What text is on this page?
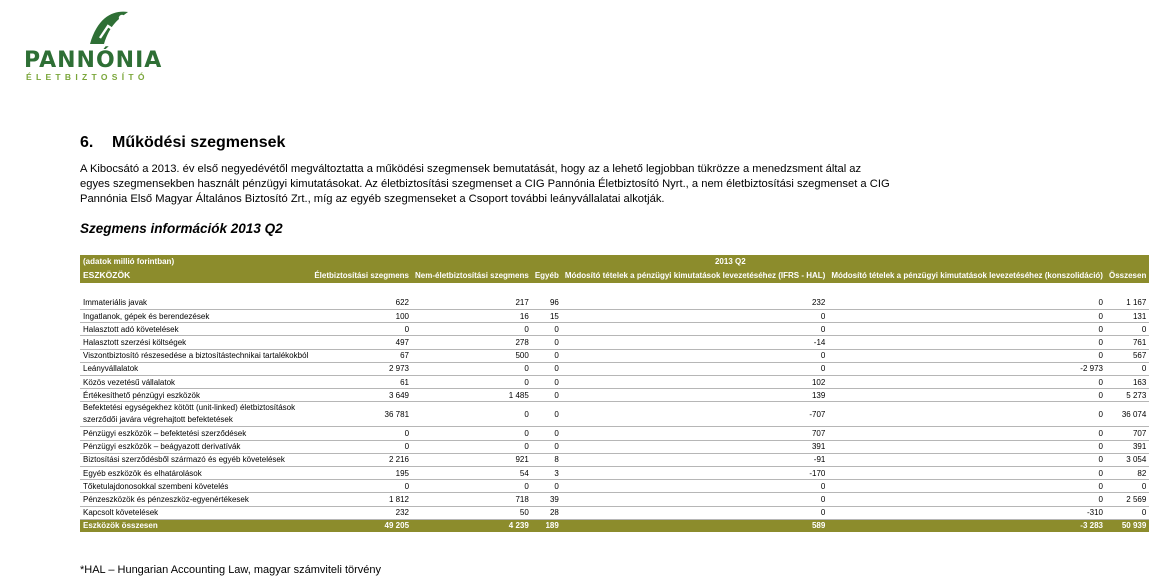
PANNÓNIA
ÉLETBIZTOSÍTÓ
6. Működési szegmensek
A Kibocsátó a 2013. év első negyedévétől megváltoztatta a működési szegmensek bemutatását, hogy az a lehető legjobban tükrözze a menedzsment által az egyes szegmensekben használt pénzügyi kimutatásokat. Az életbiztosítási szegmenset a CIG Pannónia Életbiztosító Nyrt., a nem életbiztosítási szegmenset a CIG Pannónia Első Magyar Általános Biztosító Zrt., míg az egyéb szegmenseket a Csoport további leányvállalatai alkotják.
Szegmens információk 2013 Q2
(adatok millió forintban)	2013 Q2					
ESZKÖZÖK	Életbiztosítási szegmens	Nem-életbiztosítási szegmens	Egyéb	Módosító tételek a pénzügyi kimutatások levezetéséhez (IFRS - HAL)	Módosító tételek a pénzügyi kimutatások levezetéséhez (konszolidáció)	Összesen

Immateriális javak	622	217	96	232	0	1 167
Ingatlanok, gépek és berendezések	100	16	15	0	0	131
Halasztott adó követelések	0	0	0	0	0	0
Halasztott szerzési költségek	497	278	0	-14	0	761
Viszontbiztosító részesedése a biztosítástechnikai tartalékokból	67	500	0	0	0	567
Leányvállalatok	2 973	0	0	0	-2 973	0
Közös vezetésű vállalatok	61	0	0	102	0	163
Értékesíthető pénzügyi eszközök	3 649	1 485	0	139	0	5 273
Befektetési egységekhez kötött (unit-linked) életbiztosítások szerződői javára végrehajtott befektetések	36 781	0	0	-707	0	36 074
Pénzügyi eszközök – befektetési szerződések	0	0	0	707	0	707
Pénzügyi eszközök – beágyazott derivatívák	0	0	0	391	0	391
Biztosítási szerződésből származó és egyéb követelések	2 216	921	8	-91	0	3 054
Egyéb eszközök és elhatárolások	195	54	3	-170	0	82
Tőketulajdonosokkal szembeni követelés	0	0	0	0	0	0
Pénzeszközök és pénzeszköz-egyenértékesek	1 812	718	39	0	0	2 569
Kapcsolt követelések	232	50	28	0	-310	0
Eszközök összesen	49 205	4 239	189	589	-3 283	50 939
*HAL – Hungarian Accounting Law, magyar számviteli törvény
